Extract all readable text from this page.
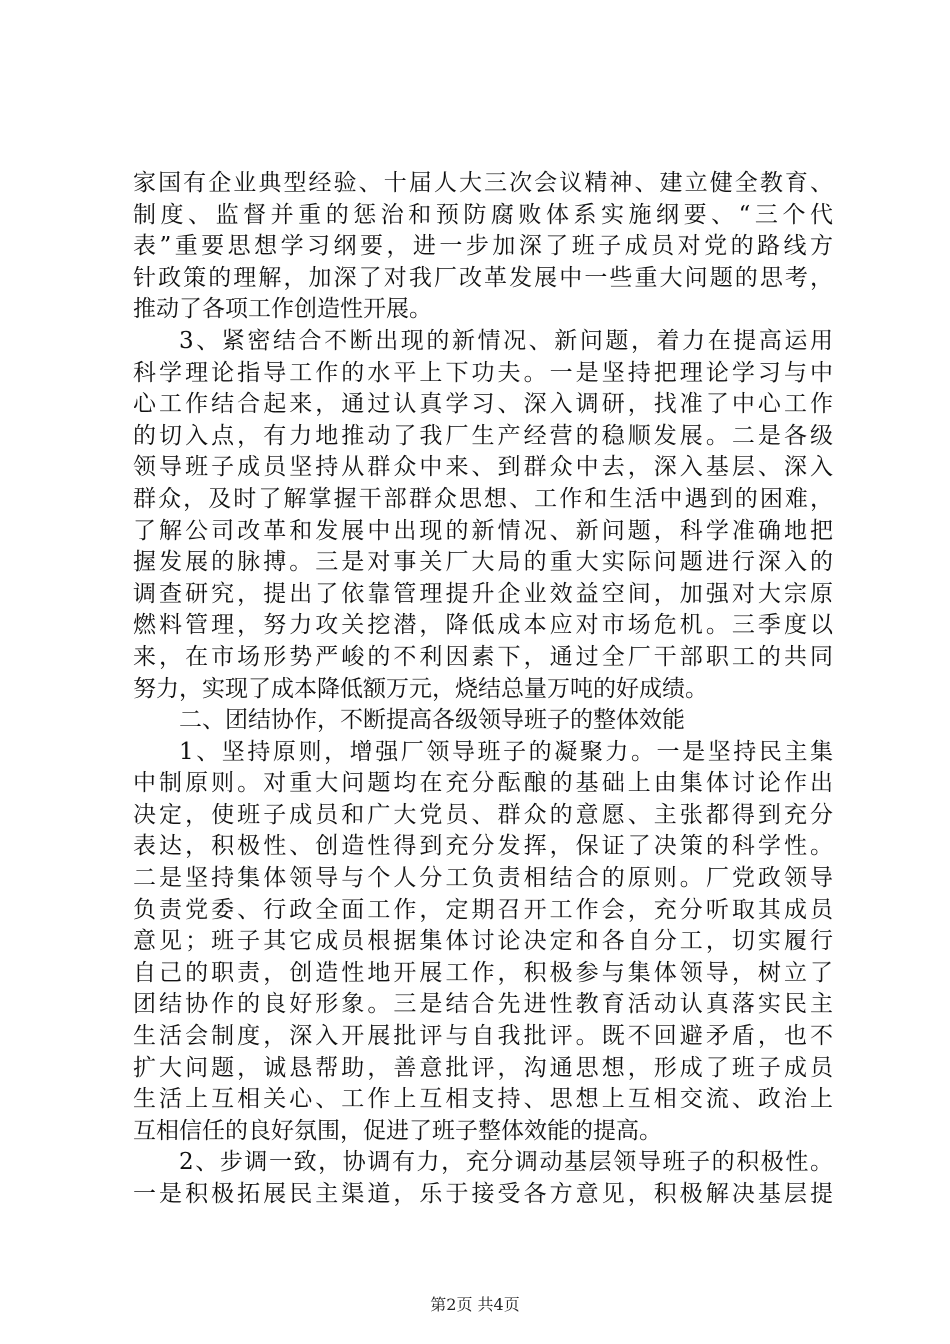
家国有企业典型经验、十届人大三次会议精神、建立健全教育、
制度、监督并重的惩治和预防腐败体系实施纲要、“三个代
表”重要思想学习纲要，进一步加深了班子成员对党的路线方
针政策的理解，加深了对我厂改革发展中一些重大问题的思考，
推动了各项工作创造性开展。
3、紧密结合不断出现的新情况、新问题，着力在提高运用
科学理论指导工作的水平上下功夫。一是坚持把理论学习与中
心工作结合起来，通过认真学习、深入调研，找准了中心工作
的切入点，有力地推动了我厂生产经营的稳顺发展。二是各级
领导班子成员坚持从群众中来、到群众中去，深入基层、深入
群众，及时了解掌握干部群众思想、工作和生活中遇到的困难，
了解公司改革和发展中出现的新情况、新问题，科学准确地把
握发展的脉搏。三是对事关厂大局的重大实际问题进行深入的
调查研究，提出了依靠管理提升企业效益空间，加强对大宗原
燃料管理，努力攻关挖潜，降低成本应对市场危机。三季度以
来，在市场形势严峻的不利因素下，通过全厂干部职工的共同
努力，实现了成本降低额万元，烧结总量万吨的好成绩。
二、团结协作，不断提高各级领导班子的整体效能
1、坚持原则，增强厂领导班子的凝聚力。一是坚持民主集
中制原则。对重大问题均在充分酝酿的基础上由集体讨论作出
决定，使班子成员和广大党员、群众的意愿、主张都得到充分
表达，积极性、创造性得到充分发挥，保证了决策的科学性。
二是坚持集体领导与个人分工负责相结合的原则。厂党政领导
负责党委、行政全面工作，定期召开工作会，充分听取其成员
意见；班子其它成员根据集体讨论决定和各自分工，切实履行
自己的职责，创造性地开展工作，积极参与集体领导，树立了
团结协作的良好形象。三是结合先进性教育活动认真落实民主
生活会制度，深入开展批评与自我批评。既不回避矛盾，也不
扩大问题，诚恳帮助，善意批评，沟通思想，形成了班子成员
生活上互相关心、工作上互相支持、思想上互相交流、政治上
互相信任的良好氛围，促进了班子整体效能的提高。
2、步调一致，协调有力，充分调动基层领导班子的积极性。
一是积极拓展民主渠道，乐于接受各方意见，积极解决基层提
第2页 共4页
